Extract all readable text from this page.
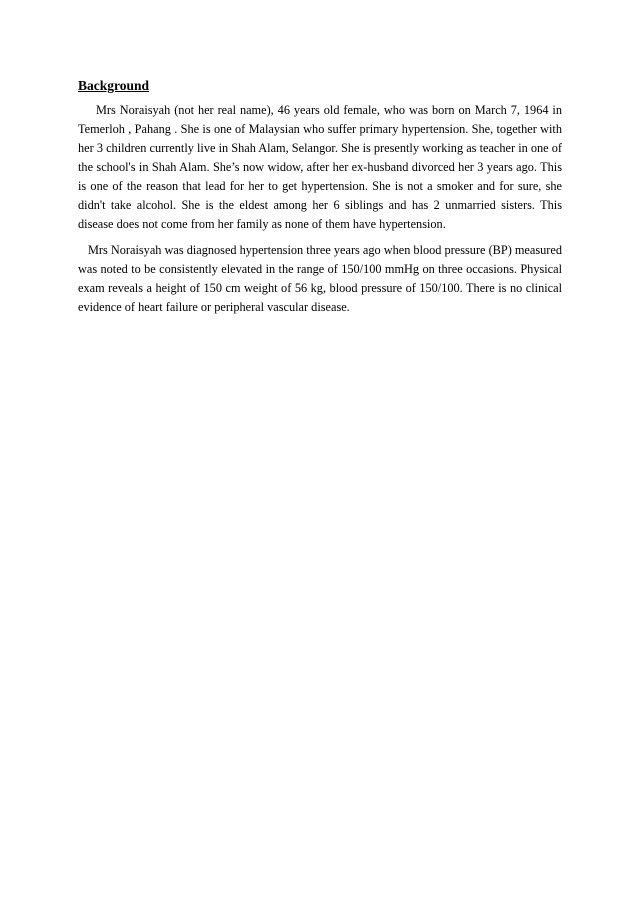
Background

Mrs Noraisyah (not her real name), 46 years old female, who was born on March 7, 1964 in Temerloh , Pahang . She is one of Malaysian who suffer primary hypertension. She, together with her 3 children currently live in Shah Alam, Selangor. She is presently working as teacher in one of the school's in Shah Alam. She’s now widow, after her ex-husband divorced her 3 years ago. This is one of the reason that lead for her to get hypertension. She is not a smoker and for sure, she didn't take alcohol. She is the eldest among her 6 siblings and has 2 unmarried sisters. This disease does not come from her family as none of them have hypertension.

Mrs Noraisyah was diagnosed hypertension three years ago when blood pressure (BP) measured was noted to be consistently elevated in the range of 150/100 mmHg on three occasions. Physical exam reveals a height of 150 cm weight of 56 kg, blood pressure of 150/100. There is no clinical evidence of heart failure or peripheral vascular disease.
